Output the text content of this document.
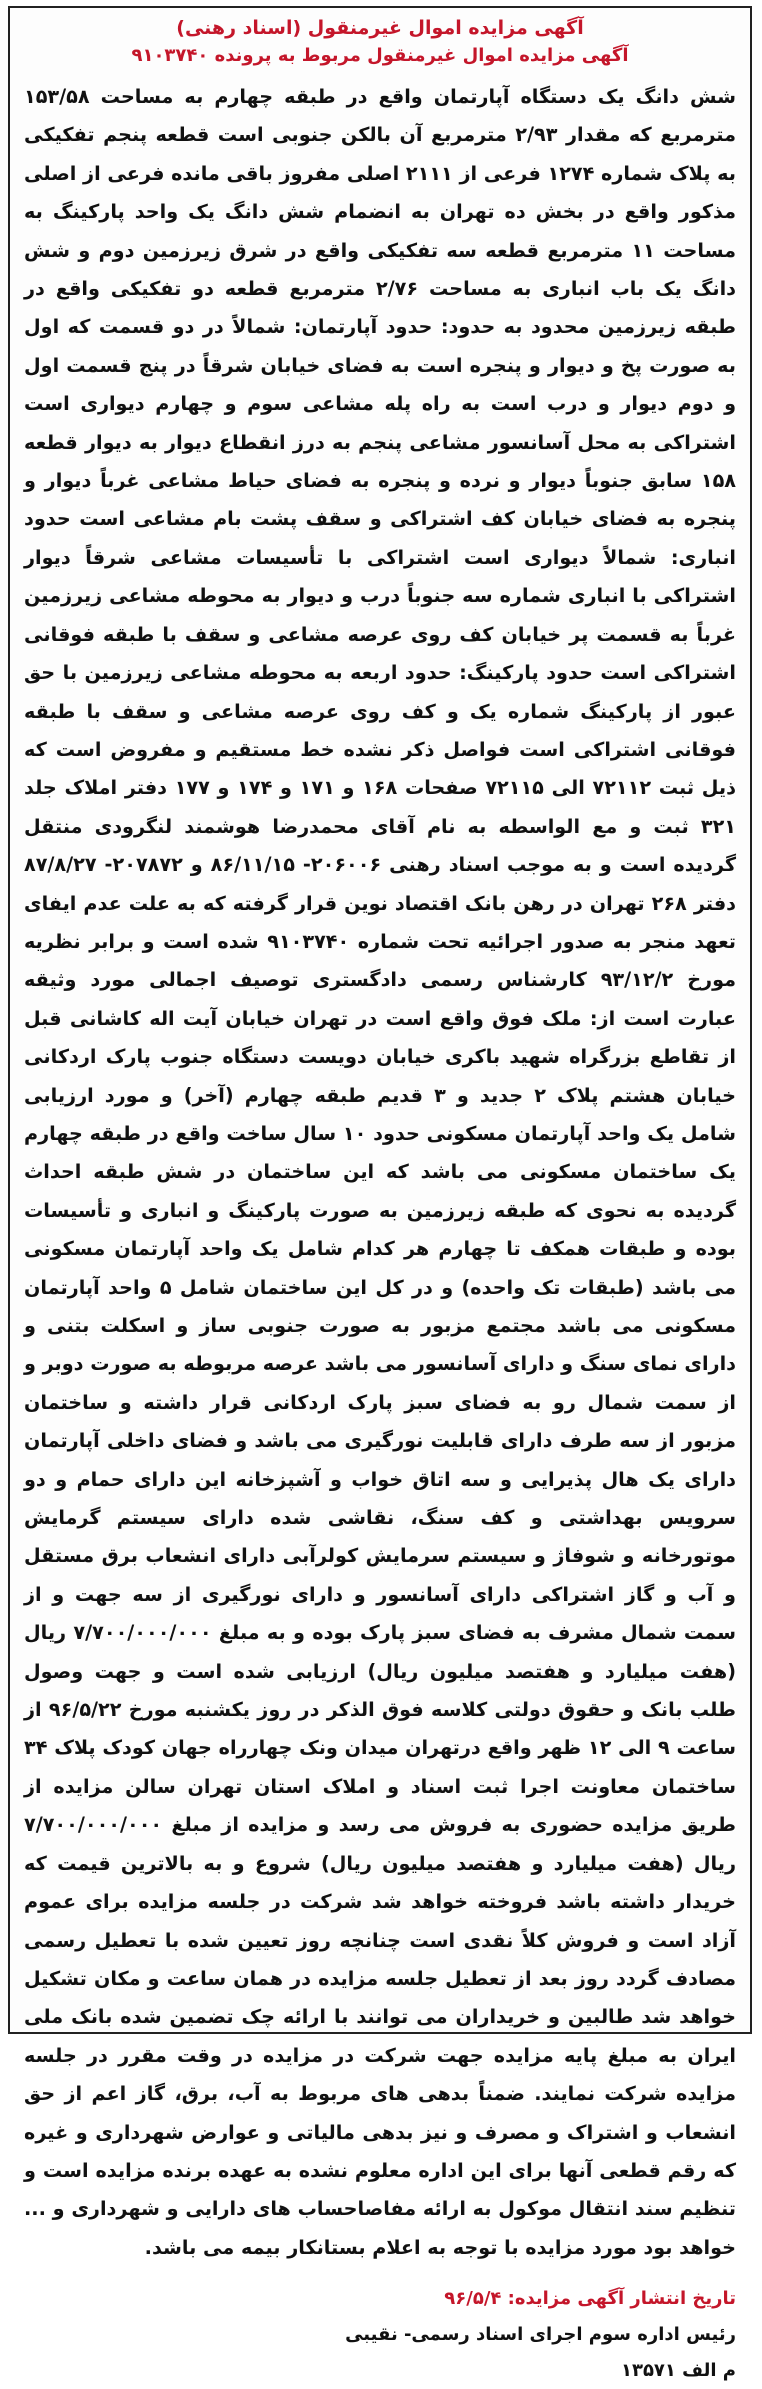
آگهی مزایده اموال غیرمنقول (اسناد رهنی)

آگهی مزایده اموال غیرمنقول مربوط به پرونده ۹۱۰۳۷۴۰

شش دانگ یک دستگاه آپارتمان واقع در طبقه چهارم به مساحت ۱۵۳/۵۸ مترمربع که مقدار ۲/۹۳ مترمربع آن بالکن جنوبی است قطعه پنجم تفکیکی به پلاک شماره ۱۲۷۴ فرعی از ۲۱۱۱ اصلی مفروز باقی مانده فرعی از اصلی مذکور واقع در بخش ده تهران به انضمام شش دانگ یک واحد پارکینگ به مساحت ۱۱ مترمربع قطعه سه تفکیکی واقع در شرق زیرزمین دوم و شش دانگ یک باب انباری به مساحت ۲/۷۶ مترمربع قطعه دو تفکیکی واقع در طبقه زیرزمین محدود به حدود: حدود آپارتمان: شمالاً در دو قسمت که اول به صورت پخ و دیوار و پنجره است به فضای خیابان شرقاً در پنج قسمت اول و دوم دیوار و درب است به راه پله مشاعی سوم و چهارم دیواری است اشتراکی به محل آسانسور مشاعی پنجم به درز انقطاع دیوار به دیوار قطعه ۱۵۸ سابق جنوباً دیوار و نرده و پنجره به فضای حیاط مشاعی غرباً دیوار و پنجره به فضای خیابان کف اشتراکی و سقف پشت بام مشاعی است حدود انباری: شمالاً دیواری است اشتراکی با تأسیسات مشاعی شرقاً دیوار اشتراکی با انباری شماره سه جنوباً درب و دیوار به محوطه مشاعی زیرزمین غرباً به قسمت پر خیابان کف روی عرصه مشاعی و سقف با طبقه فوقانی اشتراکی است حدود پارکینگ: حدود اربعه به محوطه مشاعی زیرزمین با حق عبور از پارکینگ شماره یک و کف روی عرصه مشاعی و سقف با طبقه فوقانی اشتراکی است فواصل ذکر نشده خط مستقیم و مفروض است که ذیل ثبت ۷۲۱۱۲ الی ۷۲۱۱۵ صفحات ۱۶۸ و ۱۷۱ و ۱۷۴ و ۱۷۷ دفتر املاک جلد ۳۲۱ ثبت و مع الواسطه به نام آقای محمدرضا هوشمند لنگرودی منتقل گردیده است و به موجب اسناد رهنی ۲۰۶۰۰۶- ۸۶/۱۱/۱۵ و ۲۰۷۸۷۲- ۸۷/۸/۲۷ دفتر ۲۶۸ تهران در رهن بانک اقتصاد نوین قرار گرفته که به علت عدم ایفای تعهد منجر به صدور اجرائیه تحت شماره ۹۱۰۳۷۴۰ شده است و برابر نظریه مورخ ۹۳/۱۲/۲ کارشناس رسمی دادگستری توصیف اجمالی مورد وثیقه عبارت است از: ملک فوق واقع است در تهران خیابان آیت اله کاشانی قبل از تقاطع بزرگراه شهید باکری خیابان دویست دستگاه جنوب پارک اردکانی خیابان هشتم پلاک ۲ جدید و ۳ قدیم طبقه چهارم (آخر) و مورد ارزیابی شامل یک واحد آپارتمان مسکونی حدود ۱۰ سال ساخت واقع در طبقه چهارم یک ساختمان مسکونی می باشد که این ساختمان در شش طبقه احداث گردیده به نحوی که طبقه زیرزمین به صورت پارکینگ و انباری و تأسیسات بوده و طبقات همکف تا چهارم هر کدام شامل یک واحد آپارتمان مسکونی می باشد (طبقات تک واحده) و در کل این ساختمان شامل ۵ واحد آپارتمان مسکونی می باشد مجتمع مزبور به صورت جنوبی ساز و اسکلت بتنی و دارای نمای سنگ و دارای آسانسور می باشد عرصه مربوطه به صورت دوبر و از سمت شمال رو به فضای سبز پارک اردکانی قرار داشته و ساختمان مزبور از سه طرف دارای قابلیت نورگیری می باشد و فضای داخلی آپارتمان دارای یک هال پذیرایی و سه اتاق خواب و آشپزخانه این دارای حمام و دو سرویس بهداشتی و کف سنگ، نقاشی شده دارای سیستم گرمایش موتورخانه و شوفاژ و سیستم سرمایش کولرآبی دارای انشعاب برق مستقل و آب و گاز اشتراکی دارای آسانسور و دارای نورگیری از سه جهت و از سمت شمال مشرف به فضای سبز پارک بوده و به مبلغ ۷/۷۰۰/۰۰۰/۰۰۰ ریال (هفت میلیارد و هفتصد میلیون ریال) ارزیابی شده است و جهت وصول طلب بانک و حقوق دولتی کلاسه فوق الذکر در روز یکشنبه مورخ ۹۶/۵/۲۲ از ساعت ۹ الی ۱۲ ظهر واقع درتهران میدان ونک چهارراه جهان کودک پلاک ۳۴ ساختمان معاونت اجرا ثبت اسناد و املاک استان تهران سالن مزایده از طریق مزایده حضوری به فروش می رسد و مزایده از مبلغ ۷/۷۰۰/۰۰۰/۰۰۰ ریال (هفت میلیارد و هفتصد میلیون ریال) شروع و به بالاترین قیمت که خریدار داشته باشد فروخته خواهد شد شرکت در جلسه مزایده برای عموم آزاد است و فروش کلاً نقدی است چنانچه روز تعیین شده با تعطیل رسمی مصادف گردد روز بعد از تعطیل جلسه مزایده در همان ساعت و مکان تشکیل خواهد شد طالبین و خریداران می توانند با ارائه چک تضمین شده بانک ملی ایران به مبلغ پایه مزایده جهت شرکت در مزایده در وقت مقرر در جلسه مزایده شرکت نمایند. ضمناً بدهی های مربوط به آب، برق، گاز اعم از حق انشعاب و اشتراک و مصرف و نیز بدهی مالیاتی و عوارض شهرداری و غیره که رقم قطعی آنها برای این اداره معلوم نشده به عهده برنده مزایده است و تنظیم سند انتقال موکول به ارائه مفاصاحساب های دارایی و شهرداری و ... خواهد بود مورد مزایده با توجه به اعلام بستانکار بیمه می باشد.

تاریخ انتشار آگهی مزایده: ۹۶/۵/۴
رئیس اداره سوم اجرای اسناد رسمی- نقیبی
م الف ۱۳۵۷۱
